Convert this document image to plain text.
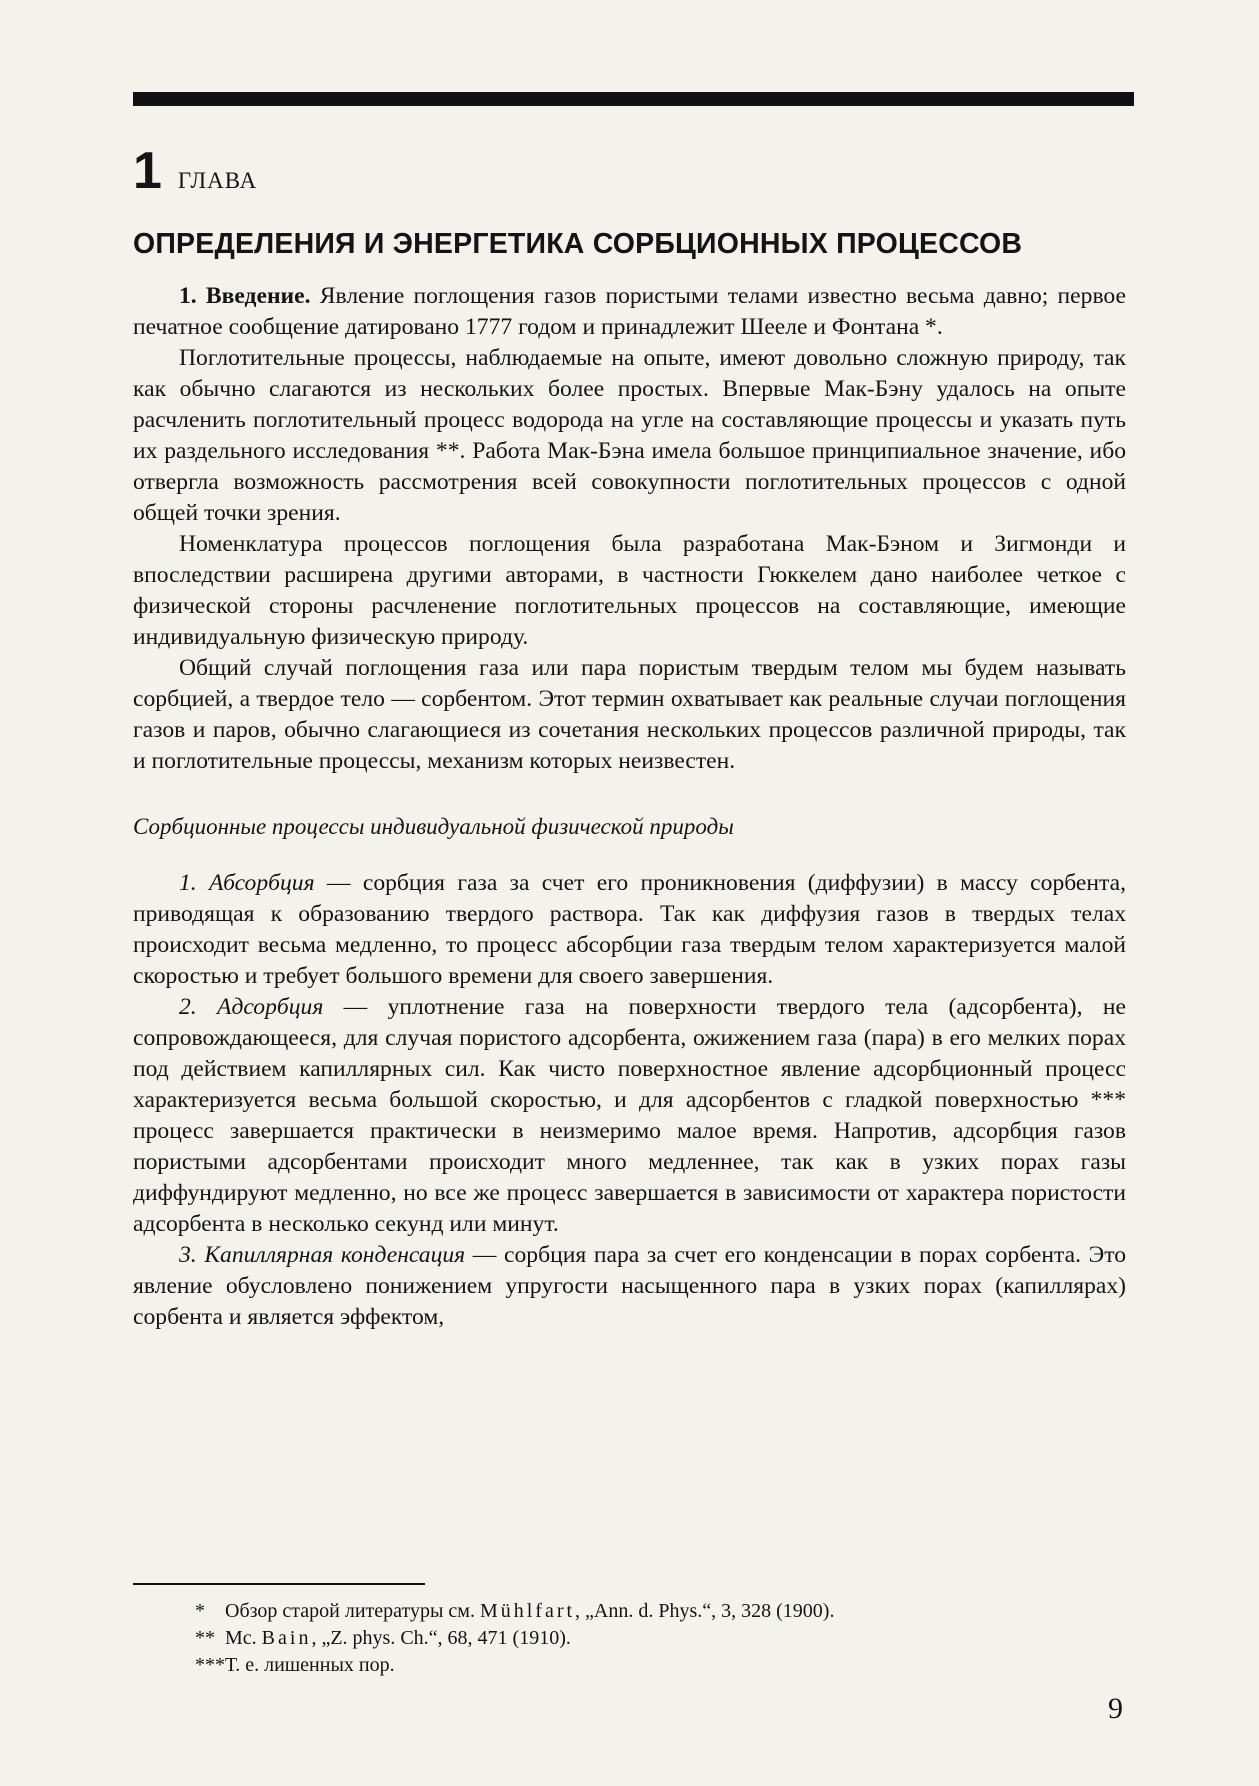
1 ГЛАВА
ОПРЕДЕЛЕНИЯ И ЭНЕРГЕТИКА СОРБЦИОННЫХ ПРОЦЕССОВ

1. Введение. Явление поглощения газов пористыми телами известно весьма давно; первое печатное сообщение датировано 1777 годом и принадлежит Шееле и Фонтана *.

Поглотительные процессы, наблюдаемые на опыте, имеют довольно сложную природу, так как обычно слагаются из нескольких более простых. Впервые Мак-Бэну удалось на опыте расчленить поглотительный процесс водорода на угле на составляющие процессы и указать путь их раздельного исследования **. Работа Мак-Бэна имела большое принципиальное значение, ибо отвергла возможность рассмотрения всей совокупности поглотительных процессов с одной общей точки зрения.

Номенклатура процессов поглощения была разработана Мак-Бэном и Зигмонди и впоследствии расширена другими авторами, в частности Гюккелем дано наиболее четкое с физической стороны расчленение поглотительных процессов на составляющие, имеющие индивидуальную физическую природу.

Общий случай поглощения газа или пара пористым твердым телом мы будем называть сорбцией, а твердое тело — сорбентом. Этот термин охватывает как реальные случаи поглощения газов и паров, обычно слагающиеся из сочетания нескольких процессов различной природы, так и поглотительные процессы, механизм которых неизвестен.

Сорбционные процессы индивидуальной физической природы

1. Абсорбция — сорбция газа за счет его проникновения (диффузии) в массу сорбента, приводящая к образованию твердого раствора. Так как диффузия газов в твердых телах происходит весьма медленно, то процесс абсорбции газа твердым телом характеризуется малой скоростью и требует большого времени для своего завершения.

2. Адсорбция — уплотнение газа на поверхности твердого тела (адсорбента), не сопровождающееся, для случая пористого адсорбента, ожижением газа (пара) в его мелких порах под действием капиллярных сил. Как чисто поверхностное явление адсорбционный процесс характеризуется весьма большой скоростью, и для адсорбентов с гладкой поверхностью *** процесс завершается практически в неизмеримо малое время. Напротив, адсорбция газов пористыми адсорбентами происходит много медленнее, так как в узких порах газы диффундируют медленно, но все же процесс завершается в зависимости от характера пористости адсорбента в несколько секунд или минут.

3. Капиллярная конденсация — сорбция пара за счет его конденсации в порах сорбента. Это явление обусловлено понижением упругости насыщенного пара в узких порах (капиллярах) сорбента и является эффектом,

* Обзор старой литературы см. Mühlfart, „Ann. d. Phys.“, 3, 328 (1900).
** Mc. Bain, „Z. phys. Ch.“, 68, 471 (1910).
***Т. е. лишенных пор.
9
